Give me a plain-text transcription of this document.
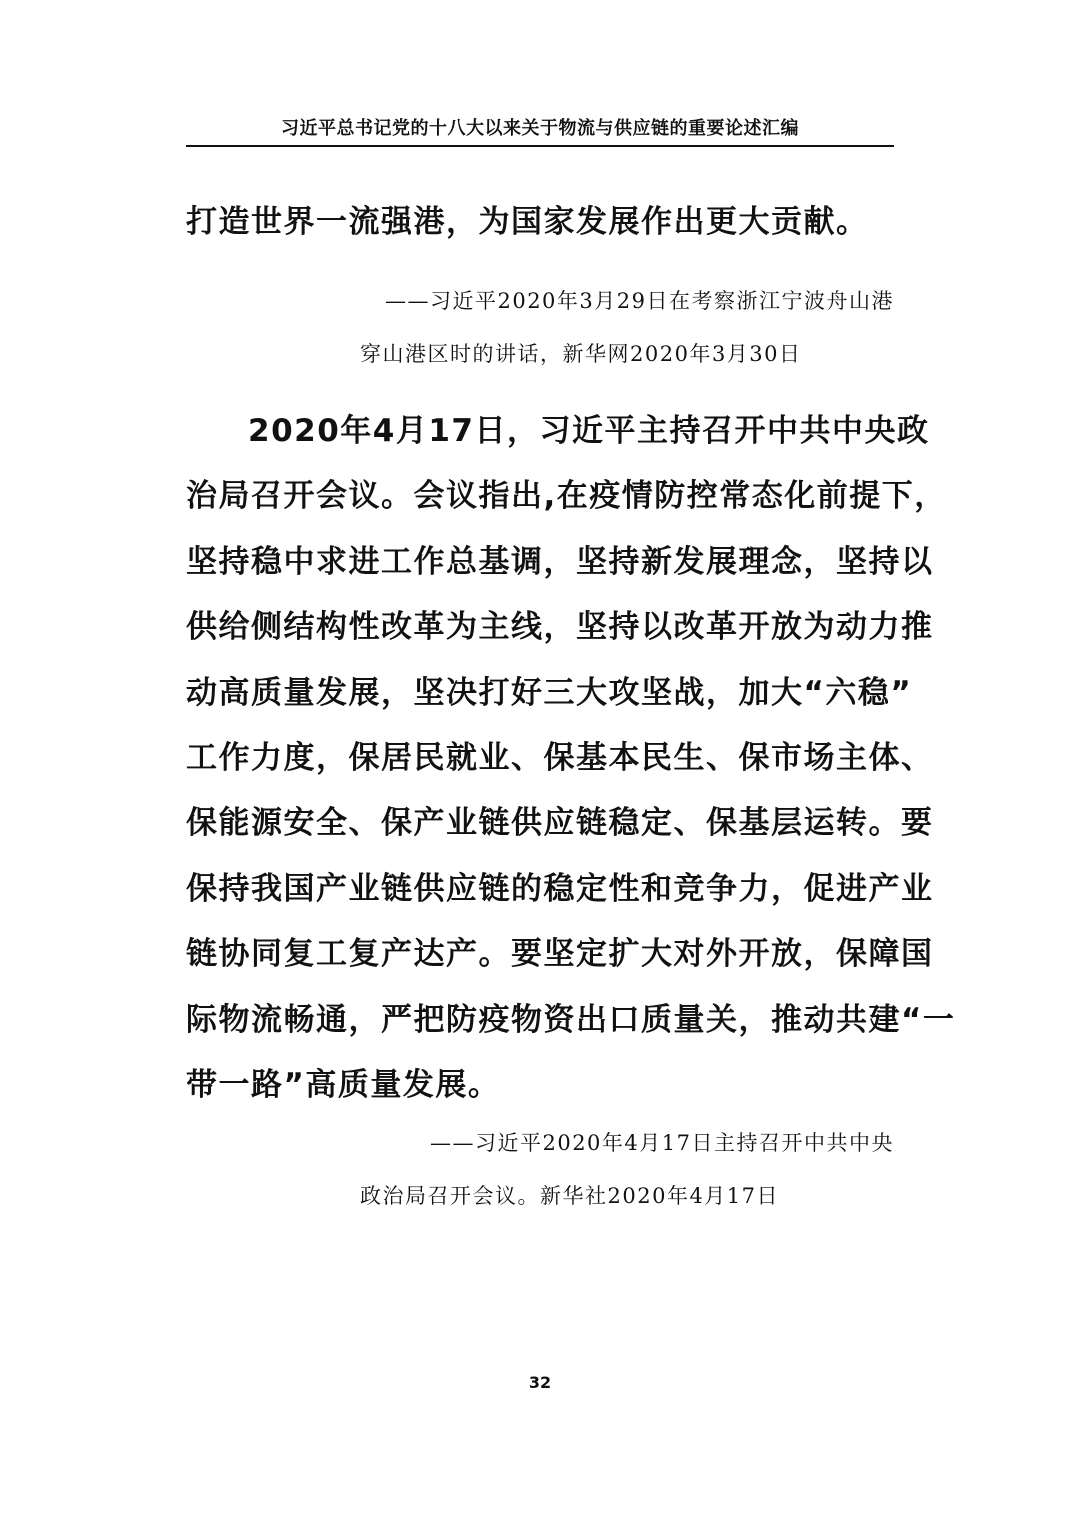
习近平总书记党的十八大以来关于物流与供应链的重要论述汇编
打造世界一流强港，为国家发展作出更大贡献。
——习近平2020年3月29日在考察浙江宁波舟山港
穿山港区时的讲话，新华网2020年3月30日
2020年4月17日，习近平主持召开中共中央政
治局召开会议。会议指出,在疫情防控常态化前提下，
坚持稳中求进工作总基调，坚持新发展理念，坚持以
供给侧结构性改革为主线，坚持以改革开放为动力推
动高质量发展，坚决打好三大攻坚战，加大“六稳”
工作力度，保居民就业、保基本民生、保市场主体、
保能源安全、保产业链供应链稳定、保基层运转。要
保持我国产业链供应链的稳定性和竞争力，促进产业
链协同复工复产达产。要坚定扩大对外开放，保障国
际物流畅通，严把防疫物资出口质量关，推动共建“一
带一路”高质量发展。
——习近平2020年4月17日主持召开中共中央
政治局召开会议。新华社2020年4月17日
32
